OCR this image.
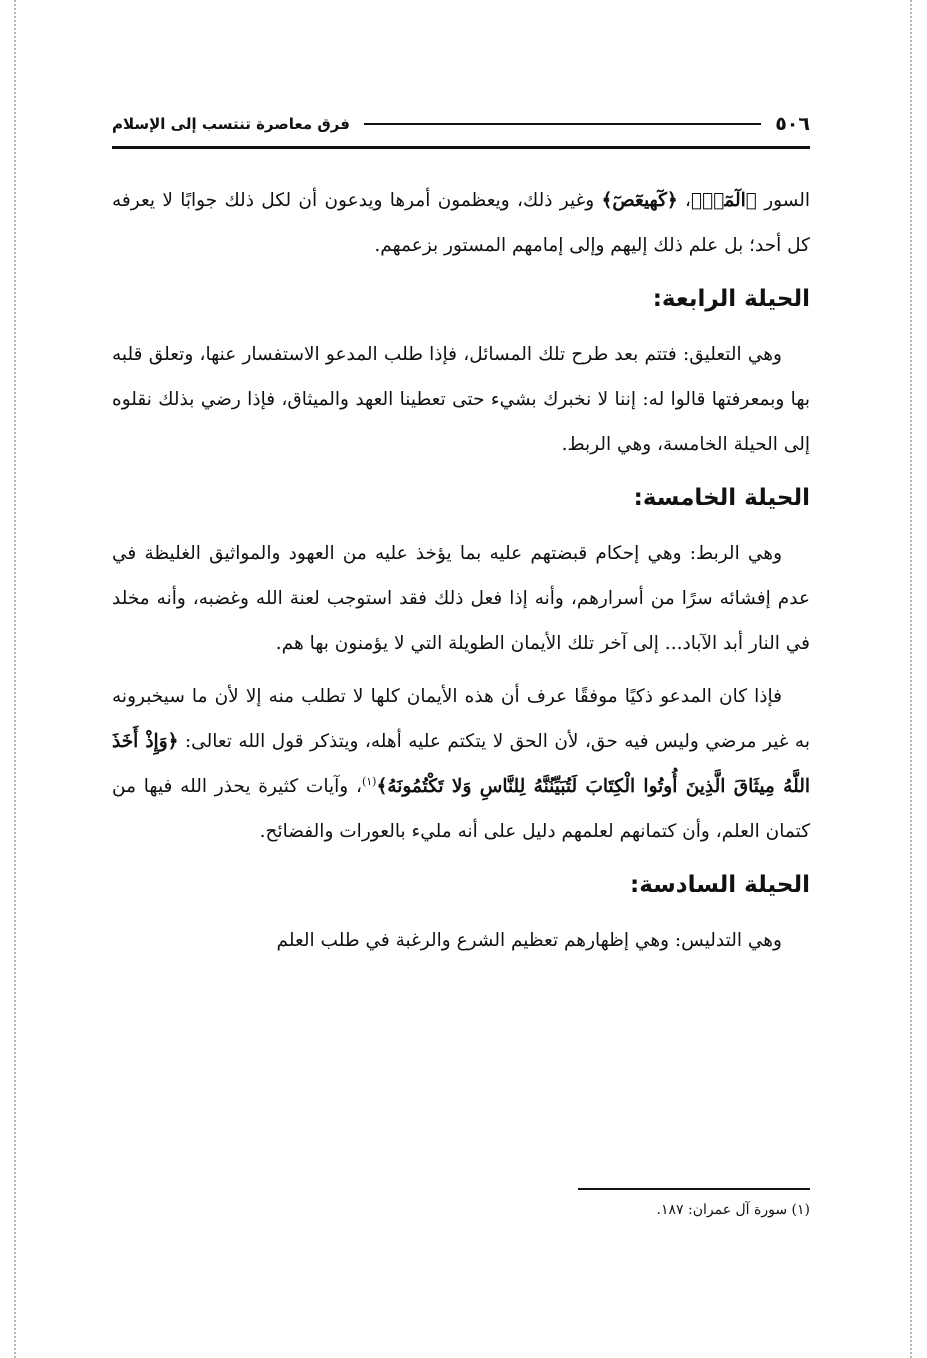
٥٠٦
فرق معاصرة تنتسب إلى الإسلام

السور ﴿الٓمٓرۚ﴾، ﴿كٓهيعٓصٓ﴾ وغير ذلك، ويعظمون أمرها ويدعون أن لكل ذلك جوابًا لا يعرفه كل أحد؛ بل علم ذلك إليهم وإلى إمامهم المستور بزعمهم.

الحيلة الرابعة:

وهي التعليق: فتتم بعد طرح تلك المسائل، فإذا طلب المدعو الاستفسار عنها، وتعلق قلبه بها وبمعرفتها قالوا له: إننا لا نخبرك بشيء حتى تعطينا العهد والميثاق، فإذا رضي بذلك نقلوه إلى الحيلة الخامسة، وهي الربط.

الحيلة الخامسة:

وهي الربط: وهي إحكام قبضتهم عليه بما يؤخذ عليه من العهود والمواثيق الغليظة في عدم إفشائه سرًا من أسرارهم، وأنه إذا فعل ذلك فقد استوجب لعنة الله وغضبه، وأنه مخلد في النار أبد الآباد... إلى آخر تلك الأيمان الطويلة التي لا يؤمنون بها هم.

فإذا كان المدعو ذكيًا موفقًا عرف أن هذه الأيمان كلها لا تطلب منه إلا لأن ما سيخبرونه به غير مرضي وليس فيه حق، لأن الحق لا يتكتم عليه أهله، ويتذكر قول الله تعالى: ﴿وَإِذْ أَخَذَ اللَّهُ مِيثَاقَ الَّذِينَ أُوتُوا الْكِتَابَ لَتُبَيِّنُنَّهُ لِلنَّاسِ وَلا تَكْتُمُونَهُ﴾$^{(١)}$، وآيات كثيرة يحذر الله فيها من كتمان العلم، وأن كتمانهم لعلمهم دليل على أنه مليء بالعورات والفضائح.

الحيلة السادسة:

وهي التدليس: وهي إظهارهم تعظيم الشرع والرغبة في طلب العلم

(١) سورة آل عمران: ١٨٧.
